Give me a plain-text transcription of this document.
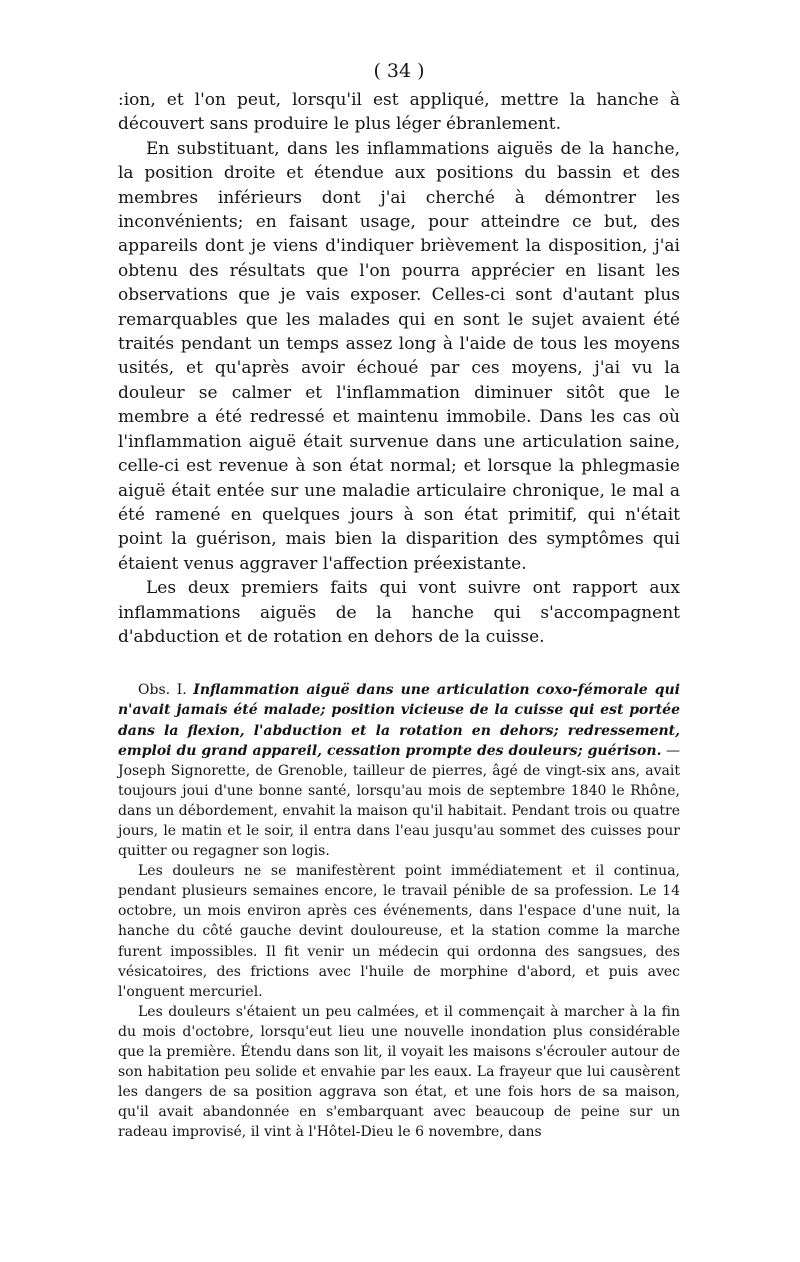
( 34 )

:ion, et l'on peut, lorsqu'il est appliqué, mettre la hanche à découvert sans produire le plus léger ébranlement.

En substituant, dans les inflammations aiguës de la hanche, la position droite et étendue aux positions du bassin et des membres inférieurs dont j'ai cherché à démontrer les inconvénients; en faisant usage, pour atteindre ce but, des appareils dont je viens d'indiquer brièvement la disposition, j'ai obtenu des résultats que l'on pourra apprécier en lisant les observations que je vais exposer. Celles-ci sont d'autant plus remarquables que les malades qui en sont le sujet avaient été traités pendant un temps assez long à l'aide de tous les moyens usités, et qu'après avoir échoué par ces moyens, j'ai vu la douleur se calmer et l'inflammation diminuer sitôt que le membre a été redressé et maintenu immobile. Dans les cas où l'inflammation aiguë était survenue dans une articulation saine, celle-ci est revenue à son état normal; et lorsque la phlegmasie aiguë était entée sur une maladie articulaire chronique, le mal a été ramené en quelques jours à son état primitif, qui n'était point la guérison, mais bien la disparition des symptômes qui étaient venus aggraver l'affection préexistante.

Les deux premiers faits qui vont suivre ont rapport aux inflammations aiguës de la hanche qui s'accompagnent d'abduction et de rotation en dehors de la cuisse.

Obs. I. Inflammation aiguë dans une articulation coxo-fémorale qui n'avait jamais été malade; position vicieuse de la cuisse qui est portée dans la flexion, l'abduction et la rotation en dehors; redressement, emploi du grand appareil, cessation prompte des douleurs; guérison. — Joseph Signorette, de Grenoble, tailleur de pierres, âgé de vingt-six ans, avait toujours joui d'une bonne santé, lorsqu'au mois de septembre 1840 le Rhône, dans un débordement, envahit la maison qu'il habitait. Pendant trois ou quatre jours, le matin et le soir, il entra dans l'eau jusqu'au sommet des cuisses pour quitter ou regagner son logis.

Les douleurs ne se manifestèrent point immédiatement et il continua, pendant plusieurs semaines encore, le travail pénible de sa profession. Le 14 octobre, un mois environ après ces événements, dans l'espace d'une nuit, la hanche du côté gauche devint douloureuse, et la station comme la marche furent impossibles. Il fit venir un médecin qui ordonna des sangsues, des vésicatoires, des frictions avec l'huile de morphine d'abord, et puis avec l'onguent mercuriel.

Les douleurs s'étaient un peu calmées, et il commençait à marcher à la fin du mois d'octobre, lorsqu'eut lieu une nouvelle inondation plus considérable que la première. Étendu dans son lit, il voyait les maisons s'écrouler autour de son habitation peu solide et envahie par les eaux. La frayeur que lui causèrent les dangers de sa position aggrava son état, et une fois hors de sa maison, qu'il avait abandonnée en s'embarquant avec beaucoup de peine sur un radeau improvisé, il vint à l'Hôtel-Dieu le 6 novembre, dans
